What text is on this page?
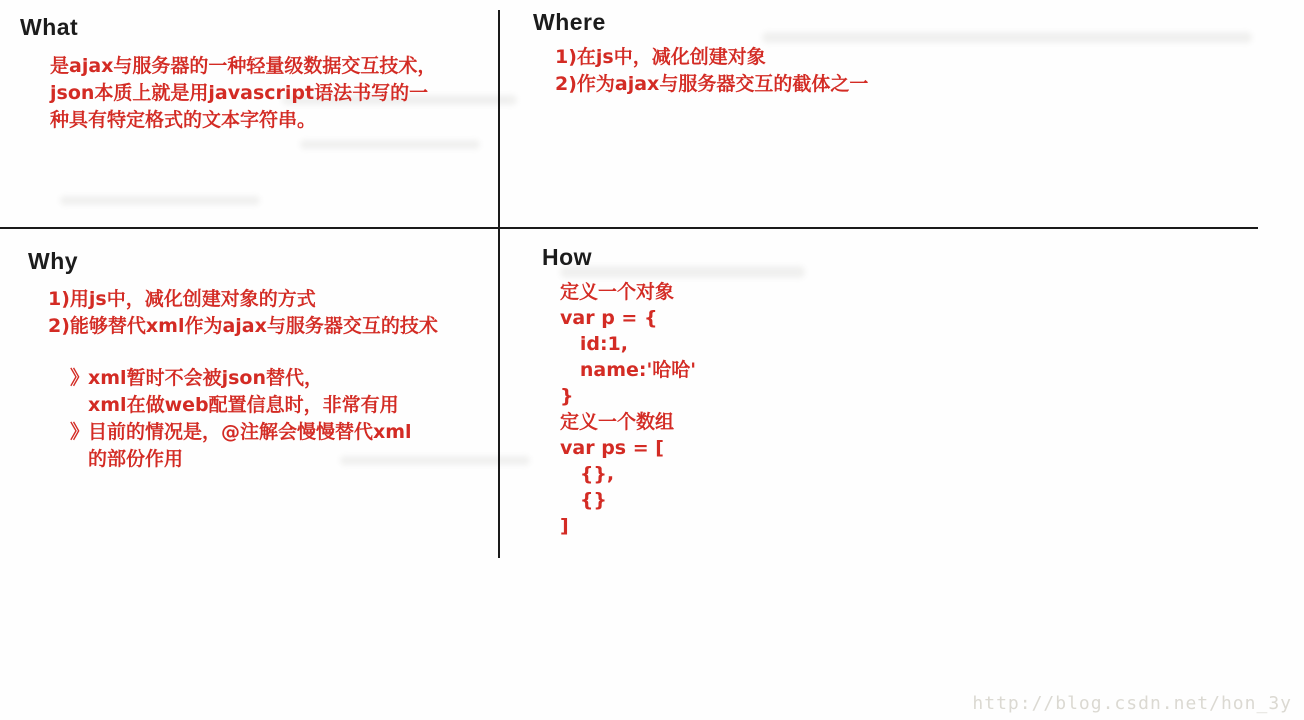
What
是ajax与服务器的一种轻量级数据交互技术，
json本质上就是用javascript语法书写的一
种具有特定格式的文本字符串。
Where
1)在js中，减化创建对象
2)作为ajax与服务器交互的截体之一
Why
1)用js中，减化创建对象的方式
2)能够替代xml作为ajax与服务器交互的技术
》
xml暂时不会被json替代，
xml在做web配置信息时，非常有用
》
目前的情况是，@注解会慢慢替代xml
的部份作用
How
定义一个对象
var p = {
id:1,
name:'哈哈'
}
定义一个数组
var ps = [
{},
{}
]
http://blog.csdn.net/hon_3y
